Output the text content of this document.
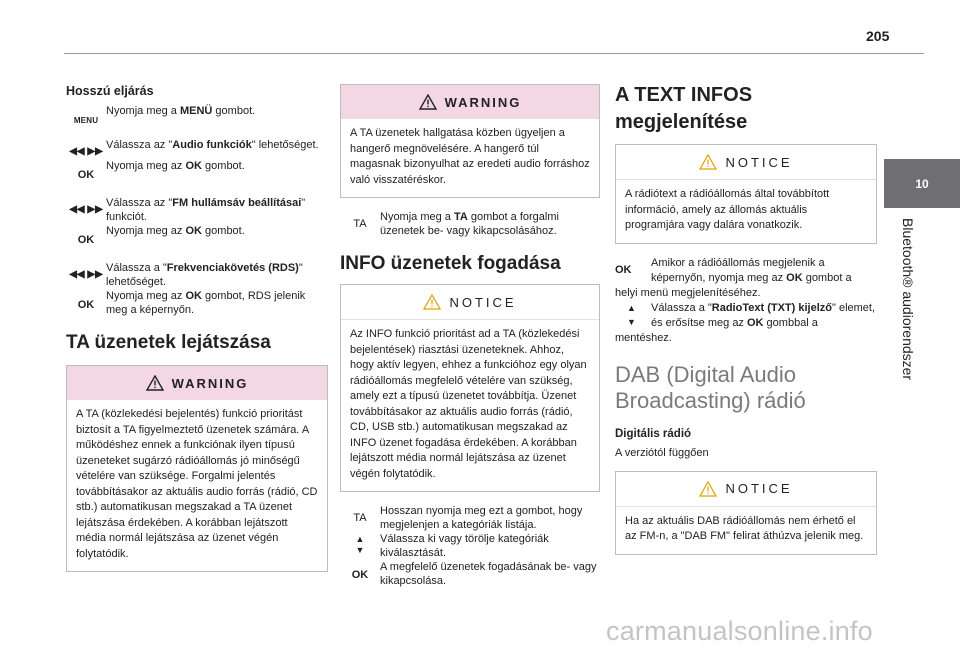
205
10
Bluetooth® audiorendszer
carmanualsonline.info
Hosszú eljárás
MENU
Nyomja meg a MENÜ gombot.
◀◀ ▶▶
Válassza az "Audio funkciók" lehetőséget.
OK
Nyomja meg az OK gombot.
◀◀ ▶▶
Válassza az "FM hullámsáv beállításai" funkciót.
OK
Nyomja meg az OK gombot.
◀◀ ▶▶
Válassza a "Frekvenciakövetés (RDS)" lehetőséget.
OK
Nyomja meg az OK gombot, RDS jelenik meg a képernyőn.
TA üzenetek lejátszása
WARNING
A TA (közlekedési bejelentés) funkció prioritást biztosít a TA figyelmeztető üzenetek számára. A működéshez ennek a funkciónak ilyen típusú üzeneteket sugárzó rádióállomás jó minőségű vételére van szüksége. Forgalmi jelentés továbbításakor az aktuális audio forrás (rádió, CD stb.) automatikusan megszakad a TA üzenet lejátszása érdekében. A korábban lejátszott média normál lejátszása az üzenet végén folytatódik.
WARNING
A TA üzenetek hallgatása közben ügyeljen a hangerő megnövelésére. A hangerő túl magasnak bizonyulhat az eredeti audio forráshoz való visszatéréskor.
TA
Nyomja meg a TA gombot a forgalmi üzenetek be- vagy kikapcsolásához.
INFO üzenetek fogadása
NOTICE
Az INFO funkció prioritást ad a TA (közlekedési bejelentések) riasztási üzeneteknek. Ahhoz, hogy aktív legyen, ehhez a funkcióhoz egy olyan rádióállomás megfelelő vételére van szükség, amely ezt a típusú üzenetet továbbítja. Üzenet továbbításakor az aktuális audio forrás (rádió, CD, USB stb.) automatikusan megszakad az INFO üzenet fogadása érdekében. A korábban lejátszott média normál lejátszása az üzenet végén folytatódik.
TA
Hosszan nyomja meg ezt a gombot, hogy megjelenjen a kategóriák listája.
▲
▼
Válassza ki vagy törölje kategóriák kiválasztását.
OK
A megfelelő üzenetek fogadásának be- vagy kikapcsolása.
A TEXT INFOS
megjelenítése
NOTICE
A rádiótext a rádióállomás által továbbított információ, amely az állomás aktuális programjára vagy dalára vonatkozik.
OK
Amikor a rádióállomás megjelenik a képernyőn, nyomja meg az OK gombot a helyi menü megjelenítéséhez.
▲
▼
Válassza a "RadioText (TXT) kijelző" elemet, és erősítse meg az OK gombbal a mentéshez.
DAB (Digital Audio Broadcasting) rádió
Digitális rádió
A verziótól függően
NOTICE
Ha az aktuális DAB rádióállomás nem érhető el az FM-n, a "DAB FM" felirat áthúzva jelenik meg.
